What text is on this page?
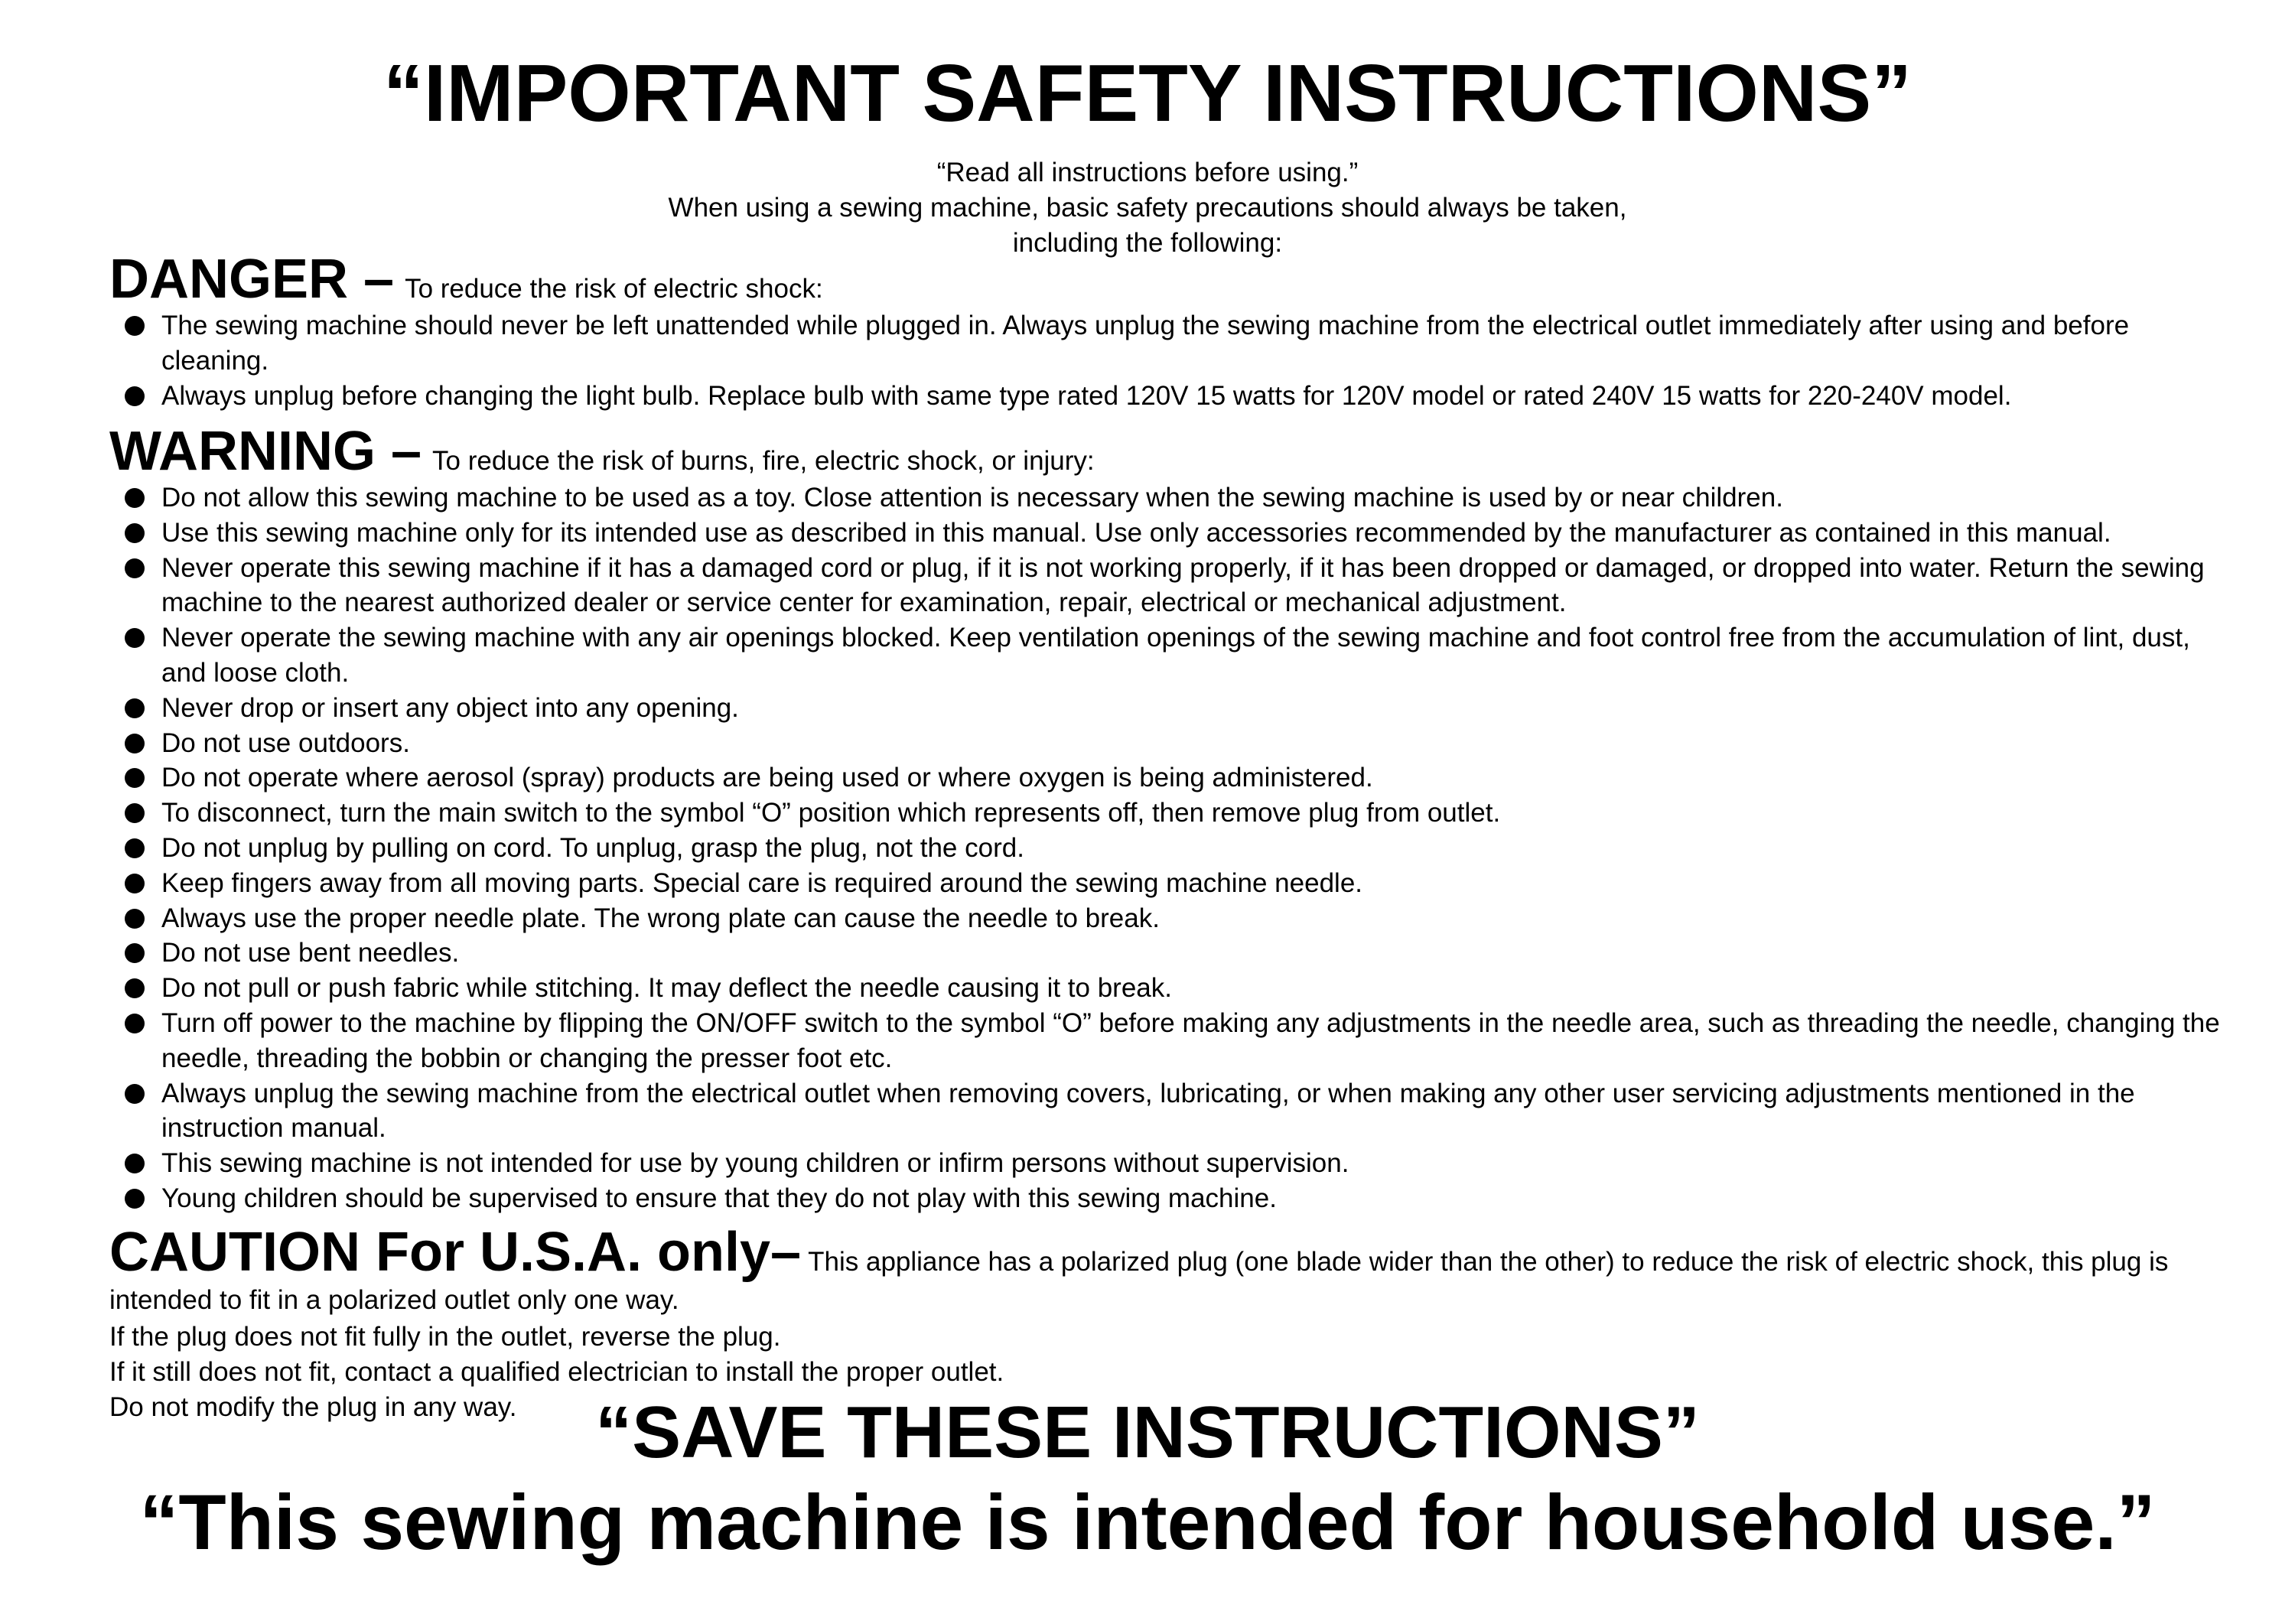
“IMPORTANT SAFETY INSTRUCTIONS”
“Read all instructions before using.”
When using a sewing machine, basic safety precautions should always be taken,
including the following:
DANGER – To reduce the risk of electric shock:
The sewing machine should never be left unattended while plugged in. Always unplug the sewing machine from the electrical outlet immediately after using and before cleaning.
Always unplug before changing the light bulb. Replace bulb with same type rated 120V 15 watts for 120V model or rated 240V 15 watts for 220-240V model.
WARNING – To reduce the risk of burns, fire, electric shock, or injury:
Do not allow this sewing machine to be used as a toy. Close attention is necessary when the sewing machine is used by or near children.
Use this sewing machine only for its intended use as described in this manual. Use only accessories recommended by the manufacturer as contained in this manual.
Never operate this sewing machine if it has a damaged cord or plug, if it is not working properly, if it has been dropped or damaged, or dropped into water. Return the sewing machine to the nearest authorized dealer or service center for examination, repair, electrical or mechanical adjustment.
Never operate the sewing machine with any air openings blocked. Keep ventilation openings of the sewing machine and foot control free from the accumulation of lint, dust, and loose cloth.
Never drop or insert any object into any opening.
Do not use outdoors.
Do not operate where aerosol (spray) products are being used or where oxygen is being administered.
To disconnect, turn the main switch to the symbol “O” position which represents off, then remove plug from outlet.
Do not unplug by pulling on cord. To unplug, grasp the plug, not the cord.
Keep fingers away from all moving parts. Special care is required around the sewing machine needle.
Always use the proper needle plate. The wrong plate can cause the needle to break.
Do not use bent needles.
Do not pull or push fabric while stitching. It may deflect the needle causing it to break.
Turn off power to the machine by flipping the ON/OFF switch to the symbol “O” before making any adjustments in the needle area, such as threading the needle, changing the needle, threading the bobbin or changing the presser foot etc.
Always unplug the sewing machine from the electrical outlet when removing covers, lubricating, or when making any other user servicing adjustments mentioned in the instruction manual.
This sewing machine is not intended for use by young children or infirm persons without supervision.
Young children should be supervised to ensure that they do not play with this sewing machine.
CAUTION For U.S.A. only– This appliance has a polarized plug (one blade wider than the other) to reduce the risk of electric shock, this plug is intended to fit in a polarized outlet only one way.
If the plug does not fit fully in the outlet, reverse the plug.
If it still does not fit, contact a qualified electrician to install the proper outlet.
Do not modify the plug in any way.	“SAVE THESE INSTRUCTIONS”
“This sewing machine is intended for household use.”
